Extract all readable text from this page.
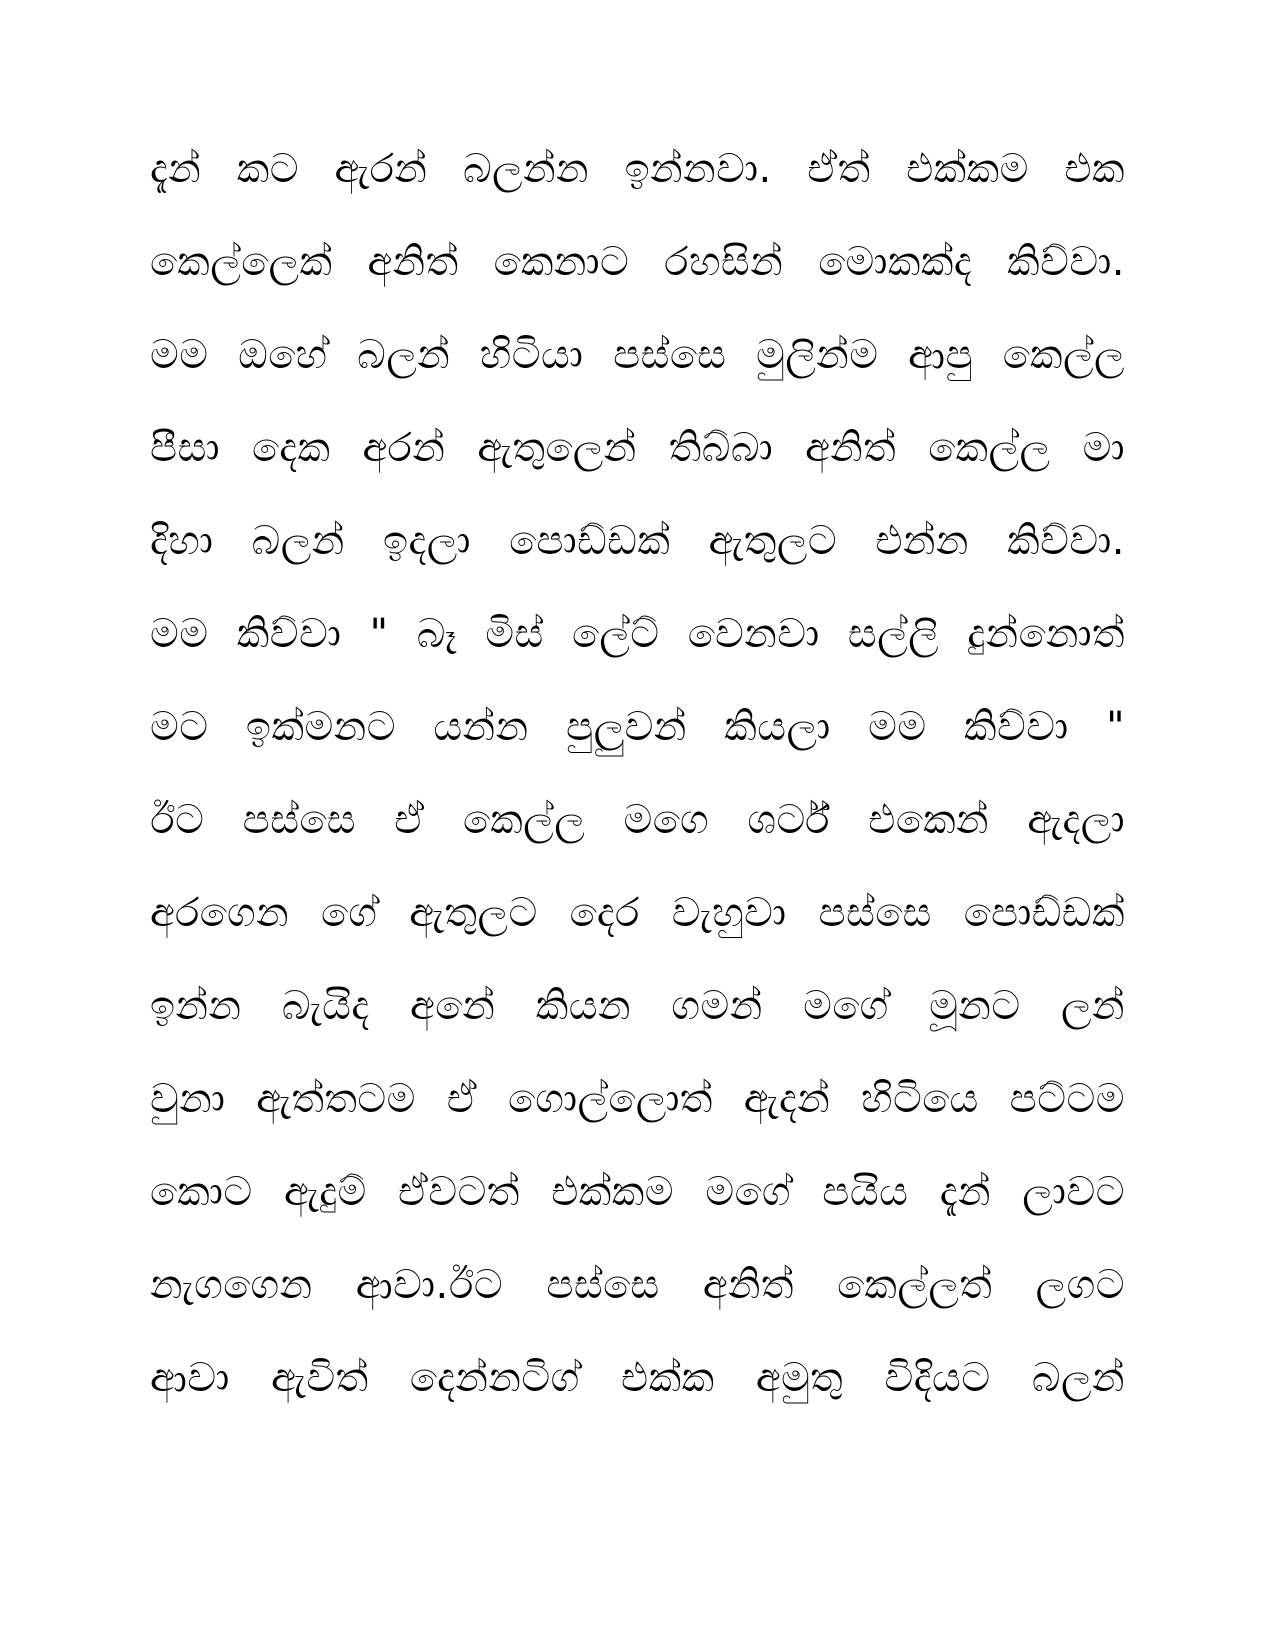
දැන් කට ඇරන් බලන්න ඉන්නවා. ඒත් එක්කම එක
කෙල්ලෙක් අනිත් කෙනාට රහසින් මොකක්ද කිව්වා.
මම ඔහේ බලන් හිටියා පස්සෙ මුලින්ම ආපු කෙල්ල
පීසා දෙක අරන් ඇතුලෙන් තිබ්බා අනිත් කෙල්ල මා
දිහා බලන් ඉදලා පොඩ්ඩක් ඇතුලට එන්න කිව්වා.
මම කිව්වා " බෑ මිස් ලේට් වෙනවා සල්ලි දුන්නොත්
මට ඉක්මනට යන්න පුලුවන් කියලා මම කිව්වා "
ඊට පස්සෙ ඒ කෙල්ල මගෙ ශර්ට් එකෙන් ඇදලා
අරගෙන ගේ ඇතුලට දෙර වැහුවා පස්සෙ පොඩ්ඩක්
ඉන්න බැයිද අනේ කියන ගමන් මගේ මූනට ලන්
වුනා ඇත්තටම ඒ ගොල්ලොත් ඇදන් හිටියෙ පට්ටම
කොට ඇදුම් ඒවටත් එක්කම මගේ පයිය දැන් ලාවට
නැගගෙන ආවා.ඊට පස්සෙ අනිත් කෙල්ලත් ලගට
ආවා ඇවිත් දෙන්නටිග් එක්ක අමුතු විදියට බලන්
